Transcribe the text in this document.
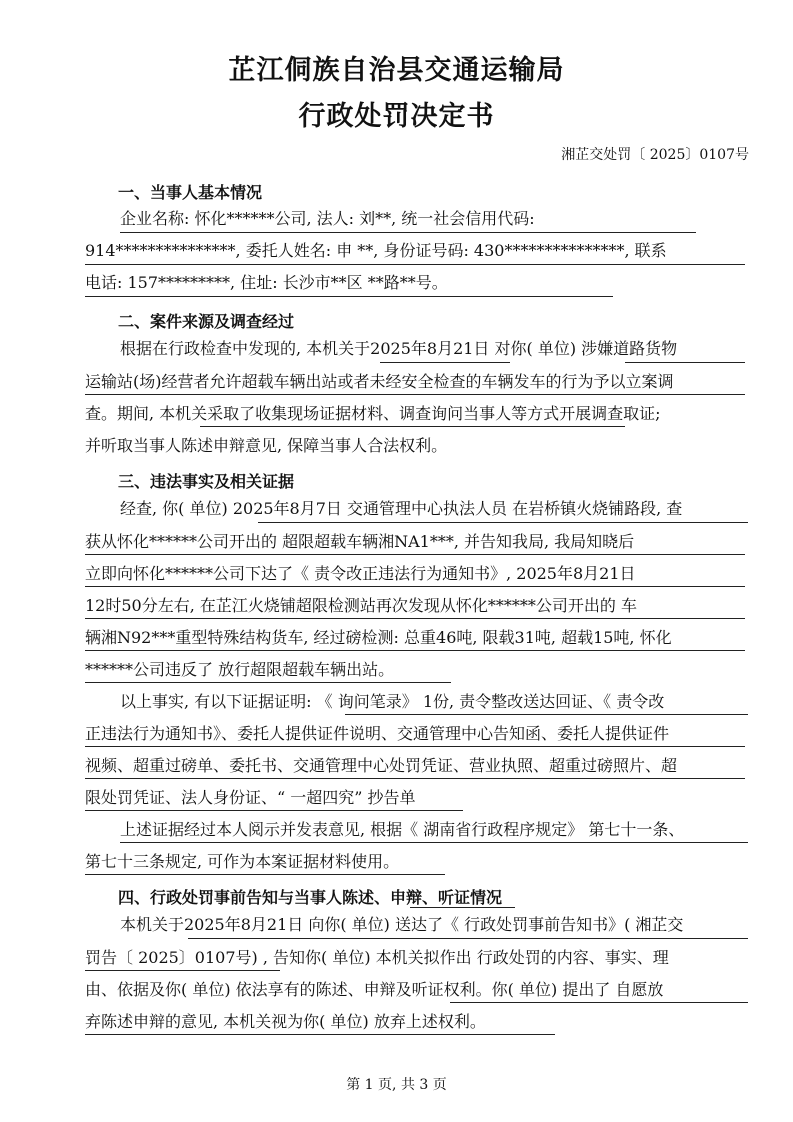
芷江侗族自治县交通运输局
行政处罚决定书
湘芷交处罚〔 2025〕0107号
一、当事人基本情况
企业名称: 怀化******公司, 法人: 刘**, 统一社会信用代码:
914***************, 委托人姓名: 申 **, 身份证号码: 430***************, 联系
电话: 157*********, 住址: 长沙市**区 **路**号。
二、案件来源及调查经过
根据在行政检查中发现的, 本机关于2025年8月21日 对你( 单位) 涉嫌道路货物
运输站(场)经营者允许超载车辆出站或者未经安全检查的车辆发车的行为予以立案调
查。期间, 本机关采取了收集现场证据材料、调查询问当事人等方式开展调查取证;
并听取当事人陈述申辩意见, 保障当事人合法权利。
三、违法事实及相关证据
经查, 你( 单位) 2025年8月7日 交通管理中心执法人员 在岩桥镇火烧铺路段, 查
获从怀化******公司开出的 超限超载车辆湘NA1***, 并告知我局, 我局知晓后
立即向怀化******公司下达了《 责令改正违法行为通知书》, 2025年8月21日
12时50分左右, 在芷江火烧铺超限检测站再次发现从怀化******公司开出的 车
辆湘N92***重型特殊结构货车, 经过磅检测: 总重46吨, 限载31吨, 超载15吨, 怀化
******公司违反了 放行超限超载车辆出站。
以上事实, 有以下证据证明: 《 询问笔录》 1份, 责令整改送达回证、《 责令改
正违法行为通知书》、委托人提供证件说明、交通管理中心告知函、委托人提供证件
视频、超重过磅单、委托书、交通管理中心处罚凭证、营业执照、超重过磅照片、超
限处罚凭证、法人身份证、“ 一超四究” 抄告单
上述证据经过本人阅示并发表意见, 根据《 湖南省行政程序规定》 第七十一条、
第七十三条规定, 可作为本案证据材料使用。
四、行政处罚事前告知与当事人陈述、申辩、听证情况
本机关于2025年8月21日 向你( 单位) 送达了《 行政处罚事前告知书》( 湘芷交
罚告〔 2025〕0107号) , 告知你( 单位) 本机关拟作出 行政处罚的内容、事实、理
由、依据及你( 单位) 依法享有的陈述、申辩及听证权利。你( 单位) 提出了 自愿放
弃陈述申辩的意见, 本机关视为你( 单位) 放弃上述权利。
第 1 页, 共 3 页
